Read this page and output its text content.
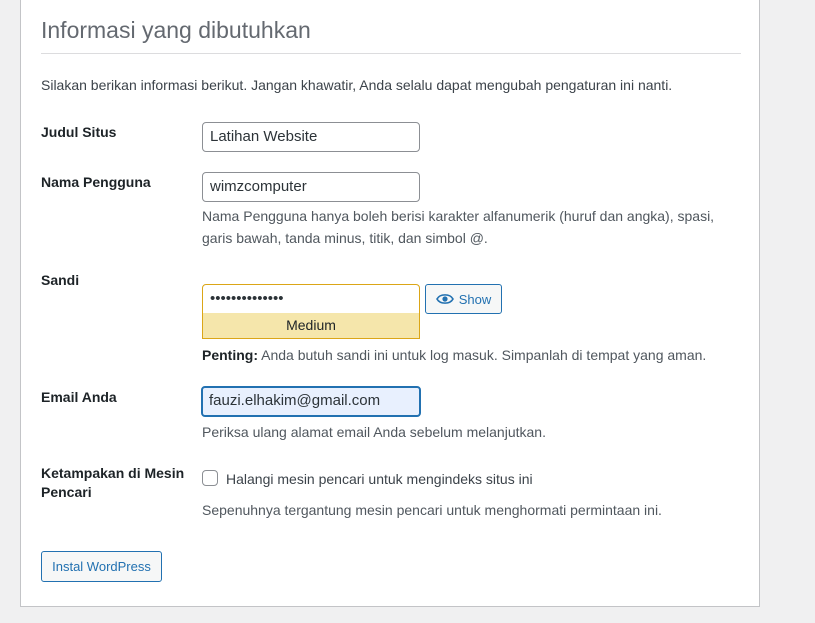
Informasi yang dibutuhkan
Silakan berikan informasi berikut. Jangan khawatir, Anda selalu dapat mengubah pengaturan ini nanti.
Judul Situs	Latihan Website
Nama Pengguna	wimzcomputer
Nama Pengguna hanya boleh berisi karakter alfanumerik (huruf dan angka), spasi,
garis bawah, tanda minus, titik, dan simbol @.
Sandi
••••••••••••••	Show
Medium
Penting: Anda butuh sandi ini untuk log masuk. Simpanlah di tempat yang aman.
Email Anda	fauzi.elhakim@gmail.com
Periksa ulang alamat email Anda sebelum melanjutkan.
Ketampakan di Mesin
Pencari
Halangi mesin pencari untuk mengindeks situs ini
Sepenuhnya tergantung mesin pencari untuk menghormati permintaan ini.
Instal WordPress
